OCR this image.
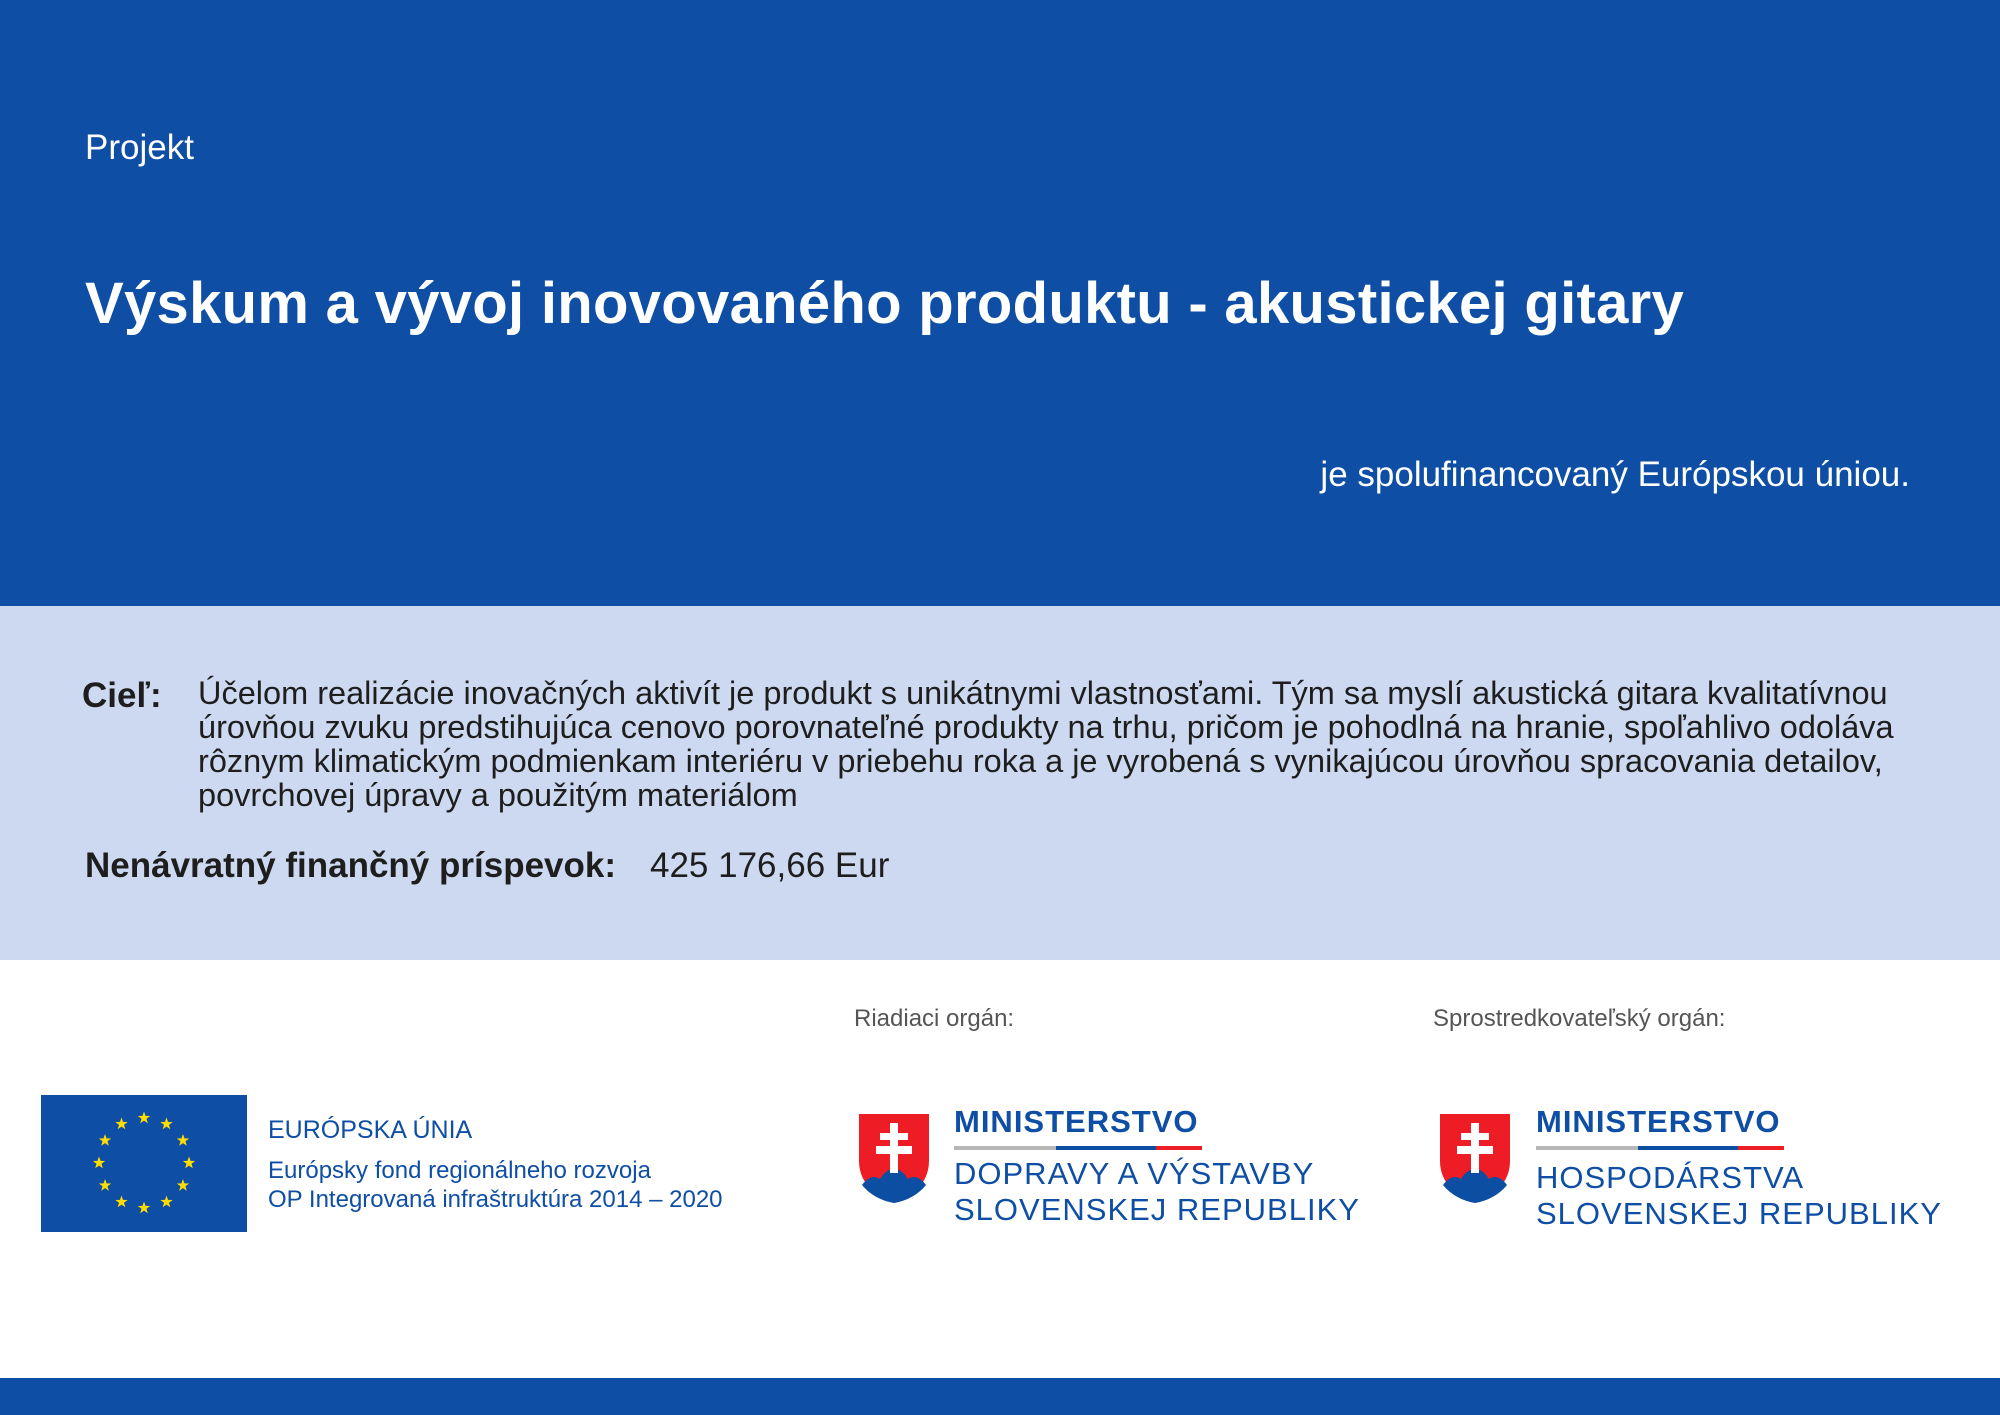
Projekt
Výskum a vývoj inovovaného produktu - akustickej gitary
je spolufinancovaný Európskou úniou.
Cieľ: Účelom realizácie inovačných aktivít je produkt s unikátnymi vlastnosťami. Tým sa myslí akustická gitara kvalitatívnou úrovňou zvuku predstihujúca cenovo porovnateľné produkty na trhu, pričom je pohodlná na hranie, spoľahlivo odoláva rôznym klimatickým podmienkam interiéru v priebehu roka a je vyrobená s vynikajúcou úrovňou spracovania detailov, povrchovej úpravy a použitým materiálom
Nenávratný finančný príspevok: 425 176,66 Eur
Riadiaci orgán:	Sprostredkovateľský orgán:
EURÓPSKA ÚNIA
Európsky fond regionálneho rozvoja
OP Integrovaná infraštruktúra 2014 – 2020
MINISTERSTVO
DOPRAVY A VÝSTAVBY
SLOVENSKEJ REPUBLIKY
MINISTERSTVO
HOSPODÁRSTVA
SLOVENSKEJ REPUBLIKY
